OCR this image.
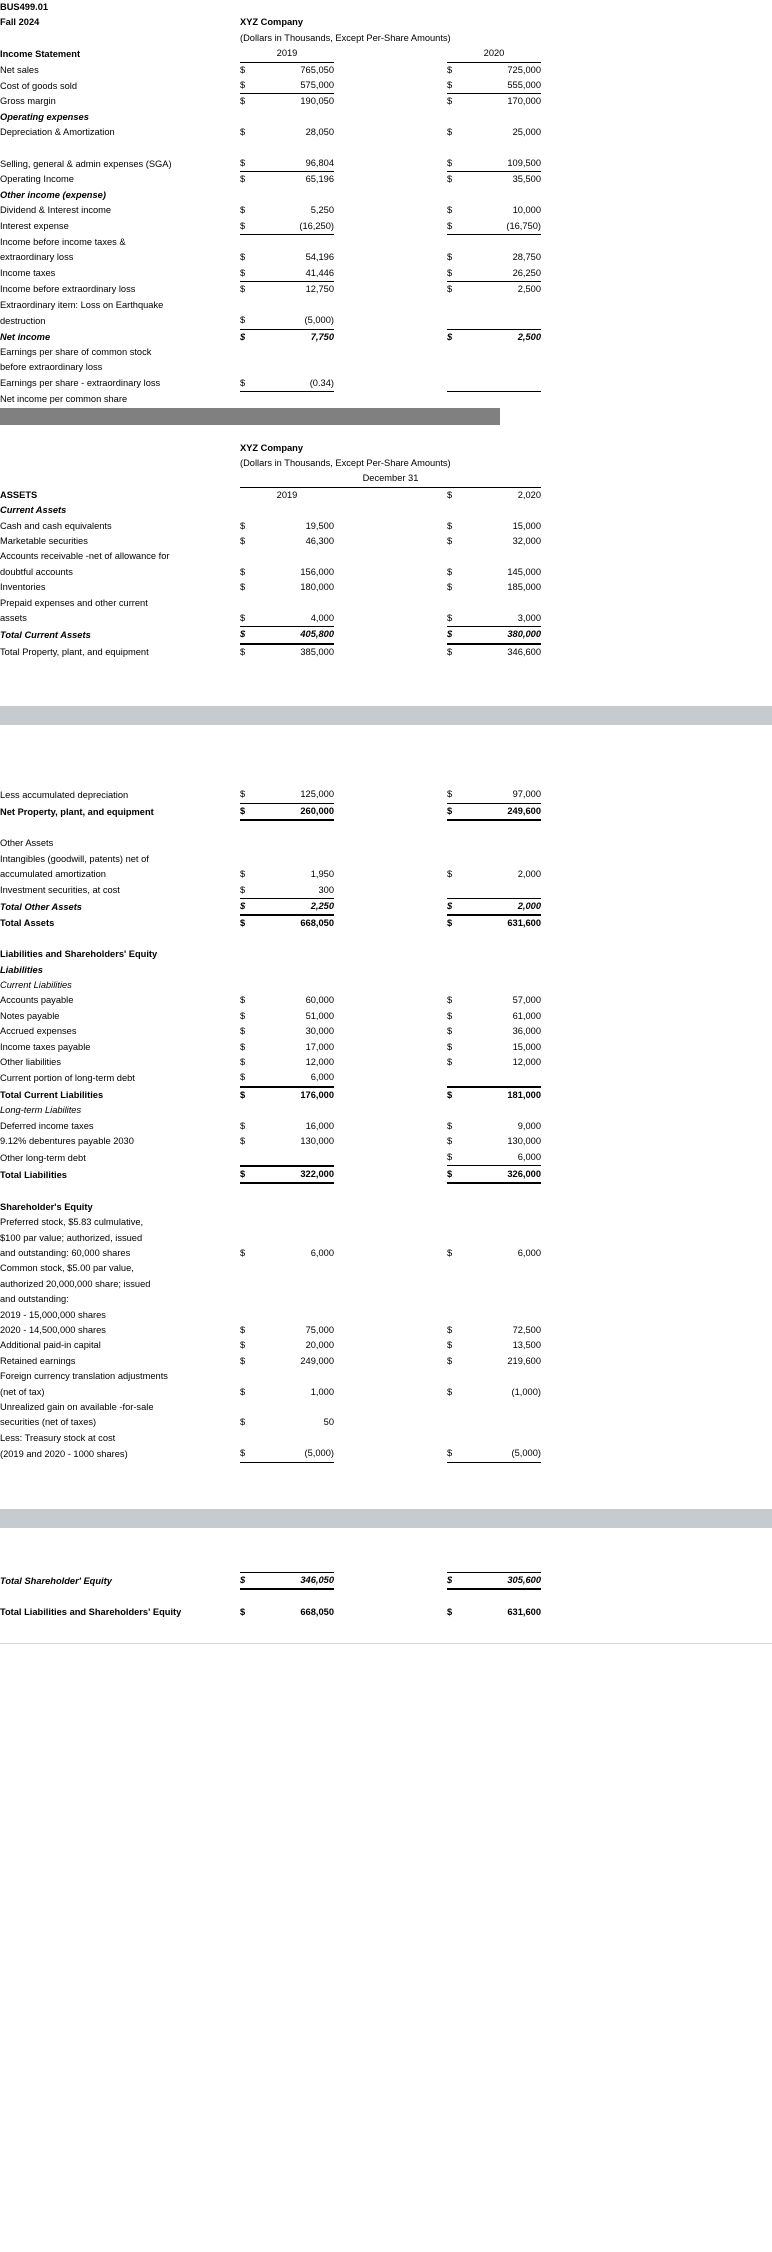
BUS499.01							
Fall 2024		XYZ Company					
		(Dollars in Thousands, Except Per-Share Amounts)					
Income Statement		2019			2020		
Net sales		$	765,050		$	725,000	
Cost of goods sold		$	575,000		$	555,000	
Gross margin		$	190,050		$	170,000	
Operating expenses							
Depreciation & Amortization		$	28,050		$	25,000	

Selling, general & admin expenses (SGA)		$	96,804		$	109,500	
Operating Income		$	65,196		$	35,500	
Other income (expense)							
Dividend & Interest income		$	5,250		$	10,000	
Interest expense		$	(16,250)		$	(16,750)	
Income before income taxes &							
extraordinary loss		$	54,196		$	28,750	
Income taxes		$	41,446		$	26,250	
Income before extraordinary loss		$	12,750		$	2,500	
Extraordinary item: Loss on Earthquake							
destruction		$	(5,000)				
Net income		$	7,750		$	2,500	
Earnings per share of common stock							
before extraordinary loss							
Earnings per share - extraordinary loss		$	(0.34)				
Net income per common share							

		XYZ Company					
		(Dollars in Thousands, Except Per-Share Amounts)					
		December 31					
ASSETS		2019			$	2,020	
Current Assets							
Cash and cash equivalents		$	19,500		$	15,000	
Marketable securities		$	46,300		$	32,000	
Accounts receivable -net of allowance for							
doubtful accounts		$	156,000		$	145,000	
Inventories		$	180,000		$	185,000	
Prepaid expenses and other current							
assets		$	4,000		$	3,000	
Total Current Assets		$	405,800		$	380,000	
Total Property, plant, and equipment		$	385,000		$	346,600	
Less accumulated depreciation		$	125,000		$	97,000	
Net Property, plant, and equipment		$	260,000		$	249,600	

Other Assets							
Intangibles (goodwill, patents) net of							
accumulated amortization		$	1,950		$	2,000	
Investment securities, at cost		$	300				
Total Other Assets		$	2,250		$	2,000	
Total Assets		$	668,050		$	631,600	

Liabilities and Shareholders' Equity							
Liabilities							
Current Liabilities							
Accounts payable		$	60,000		$	57,000	
Notes payable		$	51,000		$	61,000	
Accrued expenses		$	30,000		$	36,000	
Income taxes payable		$	17,000		$	15,000	
Other liabilities		$	12,000		$	12,000	
Current portion of long-term debt		$	6,000				
Total Current Liabilities		$	176,000		$	181,000	
Long-term Liabilites							
Deferred income taxes		$	16,000		$	9,000	
9.12% debentures payable 2030		$	130,000		$	130,000	
Other long-term debt					$	6,000	
Total Liabilities		$	322,000		$	326,000	

Shareholder's Equity							
Preferred stock, $5.83 culmulative,							
$100 par value; authorized, issued							
and outstanding: 60,000 shares		$	6,000		$	6,000	
Common stock, $5.00 par value,							
authorized 20,000,000 share; issued							
and outstanding:							
2019 - 15,000,000 shares							
2020 - 14,500,000 shares		$	75,000		$	72,500	
Additional paid-in capital		$	20,000		$	13,500	
Retained earnings		$	249,000		$	219,600	
Foreign currency translation adjustments							
(net of tax)		$	1,000		$	(1,000)	
Unrealized gain on available -for-sale							
securities (net of taxes)		$	50				
Less: Treasury stock at cost							
(2019 and 2020 - 1000 shares)		$	(5,000)		$	(5,000)	
Total Shareholder' Equity		$	346,050		$	305,600	

Total Liabilities and Shareholders' Equity		$	668,050		$	631,600	
